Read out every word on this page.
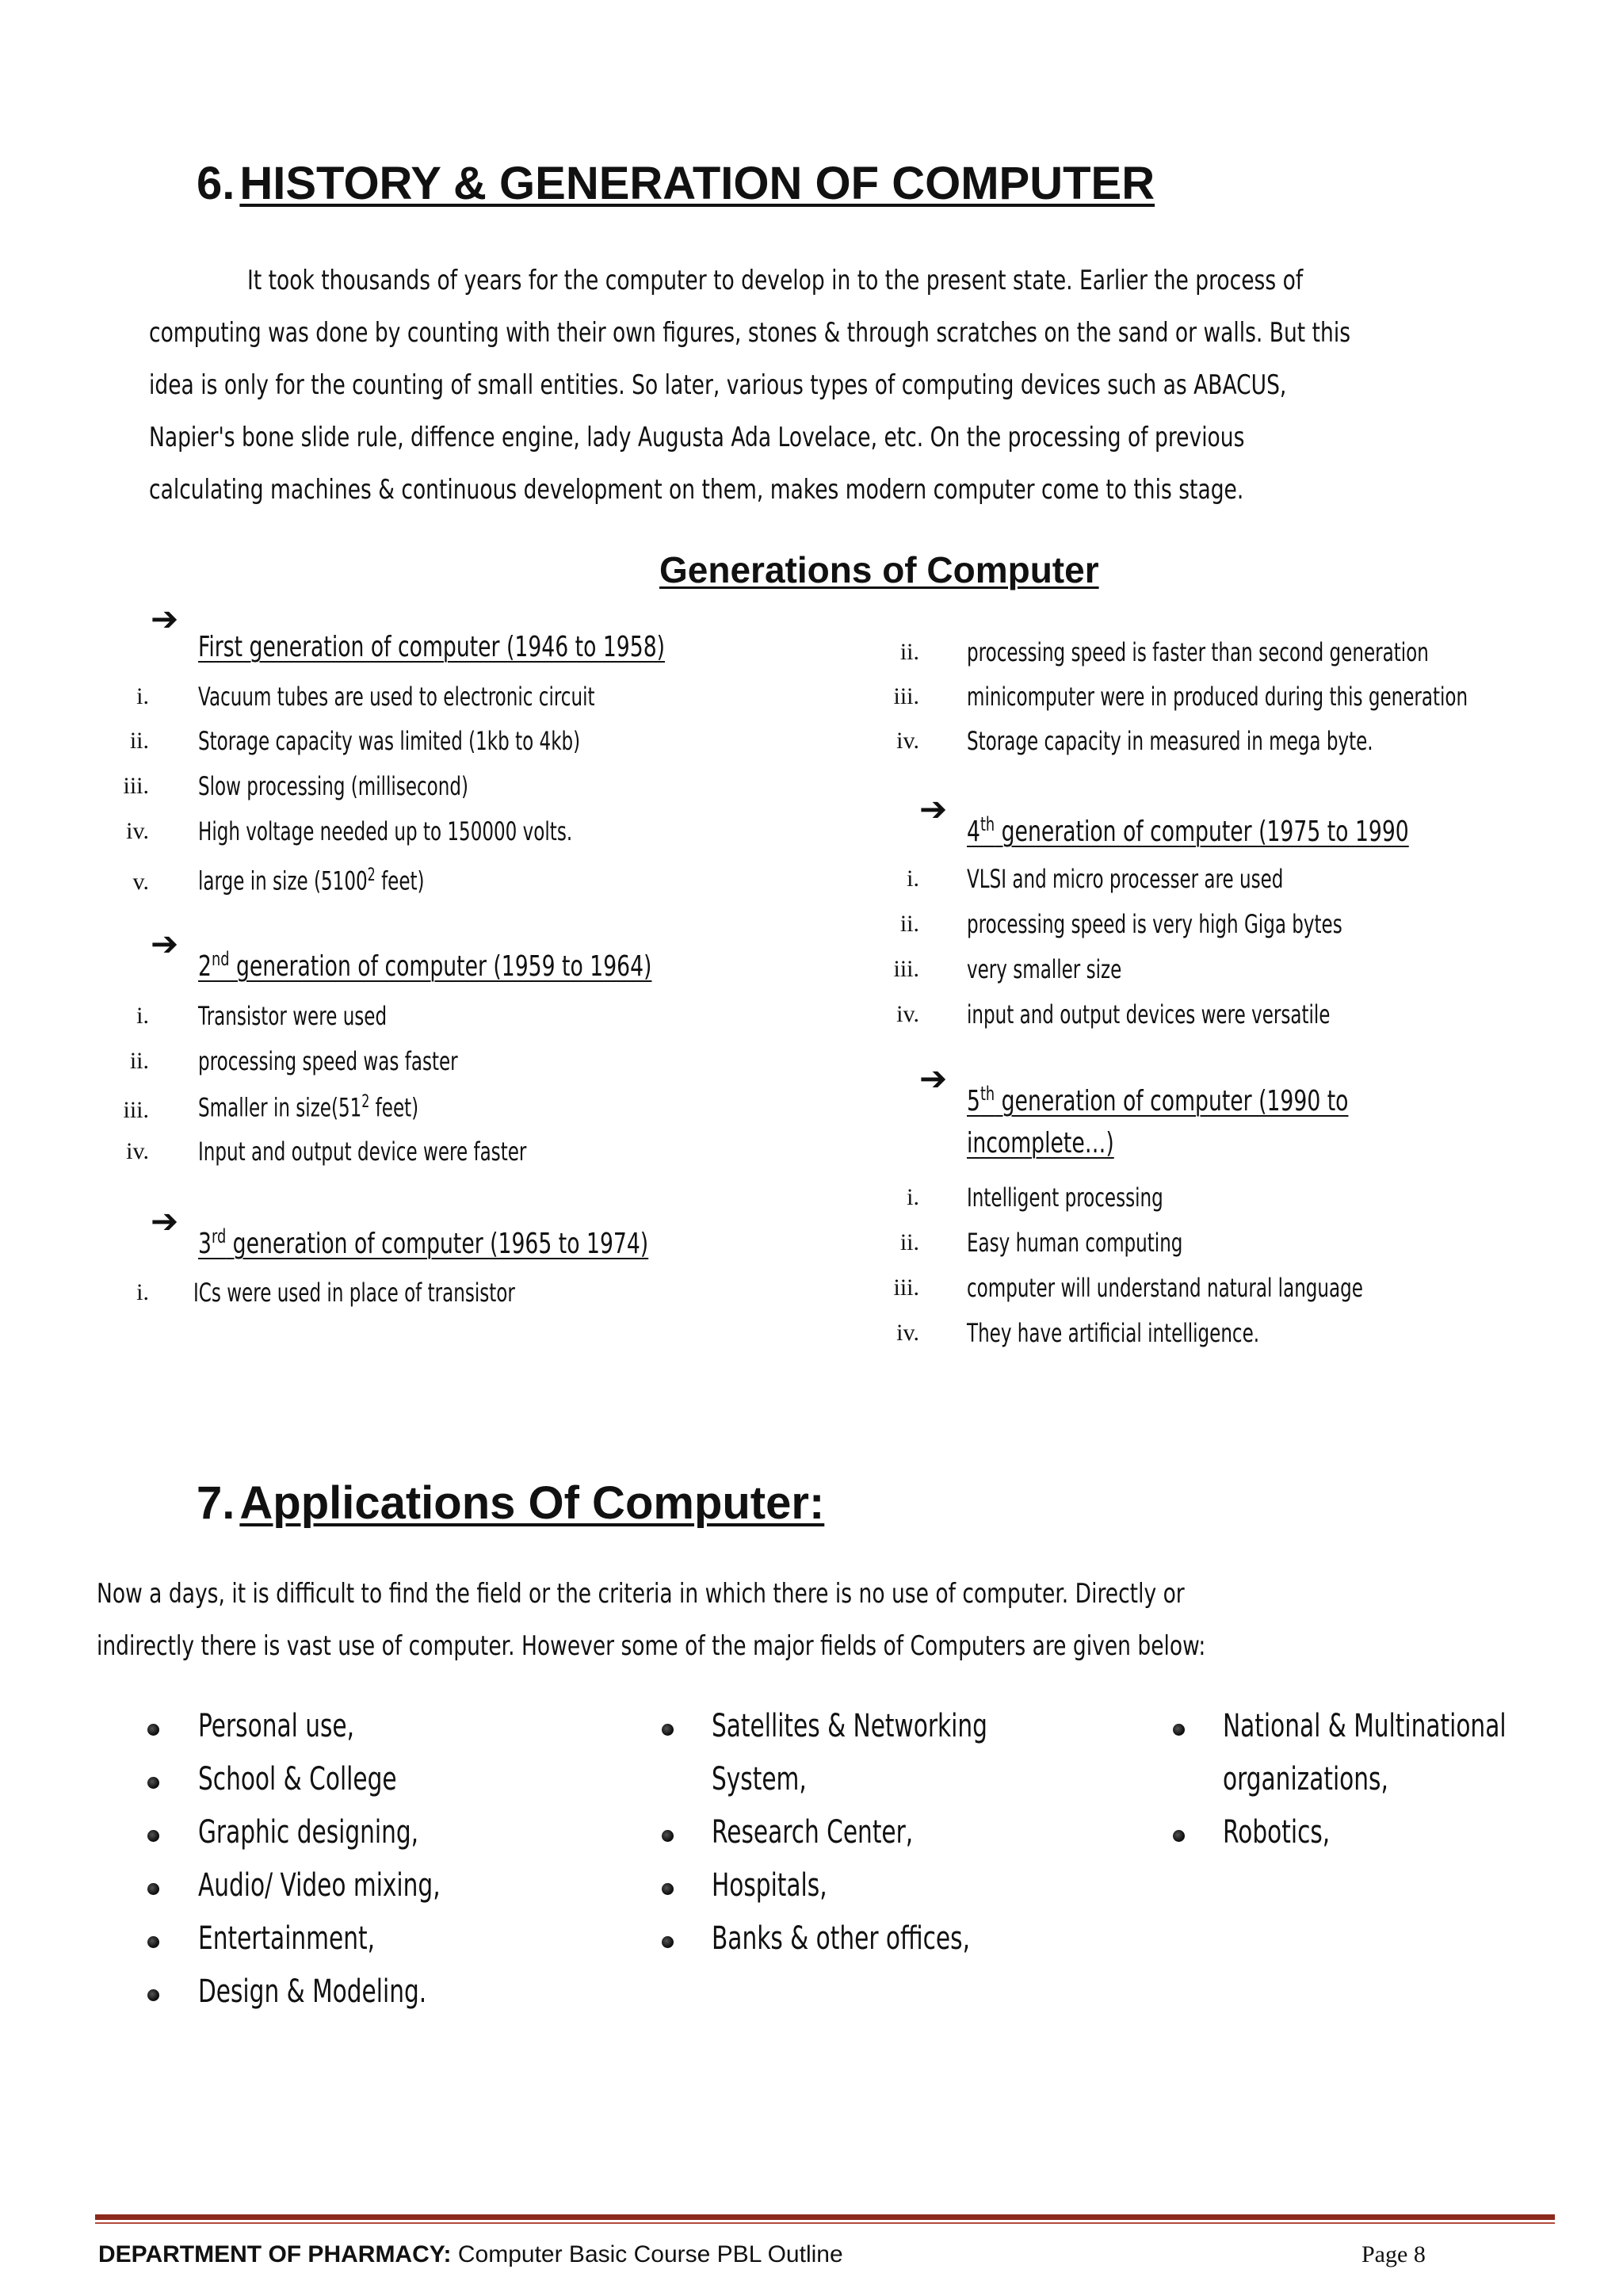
6. HISTORY & GENERATION OF COMPUTER
It took thousands of years for the computer to develop in to the present state. Earlier the process of
computing was done by counting with their own figures, stones & through scratches on the sand or walls. But this
idea is only for the counting of small entities. So later, various types of computing devices such as ABACUS,
Napier's bone slide rule, diffence engine, lady Augusta Ada Lovelace, etc. On the processing of previous
calculating machines & continuous development on them, makes modern computer come to this stage.
Generations of Computer
➔
First generation of computer (1946 to 1958)
i. Vacuum tubes are used to electronic circuit
ii. Storage capacity was limited (1kb to 4kb)
iii. Slow processing (millisecond)
iv. High voltage needed up to 150000 volts.
v. large in size (5100$^2$ feet)
➔
2nd generation of computer (1959 to 1964)
i. Transistor were used
ii. processing speed was faster
iii. Smaller in $size(51^2$ feet)
iv. Input and output device were faster
➔
3rd generation of computer (1965 to 1974)
i. ICs were used in place of transistor
ii. processing speed is faster than second generation
iii. minicomputer were in produced during this generation
iv. Storage capacity in measured in mega byte.
➔
4th generation of computer (1975 to 1990
i. VLSI and micro processer are used
ii. processing speed is very high Giga bytes
iii. very smaller size
iv. input and output devices were versatile
➔
5th generation of computer (1990 to
incomplete…)
i. Intelligent processing
ii. Easy human computing
iii. computer will understand natural language
iv. They have artificial intelligence.
7. Applications Of Computer:
Now a days, it is difficult to find the field or the criteria in which there is no use of computer. Directly or
indirectly there is vast use of computer. However some of the major fields of Computers are given below:
Personal use,
School & College
Graphic designing,
Audio/ Video mixing,
Entertainment,
Design & Modeling.
Satellites & Networking
System,
Research Center,
Hospitals,
Banks & other offices,
National & Multinational
organizations,
Robotics,
DEPARTMENT OF PHARMACY: Computer Basic Course PBL Outline	Page 8
